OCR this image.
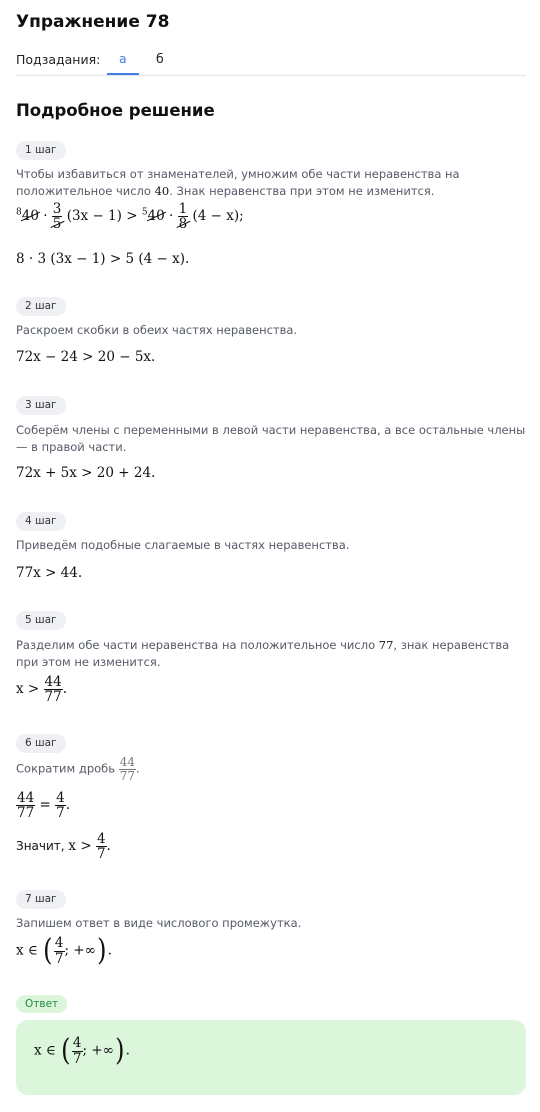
Упражнение 78
Подзадания: а б
Подробное решение
1 шаг
Чтобы избавиться от знаменателей, умножим обе части неравенства на положительное число 40. Знак неравенства при этом не изменится.
$^840 \cdot \frac{3}{5} (3x - 1) > ^540 \cdot \frac{1}{8} (4 - x)$;
8 · 3 (3x − 1) > 5 (4 − x).
2 шаг
Раскроем скобки в обеих частях неравенства.
72x − 24 > 20 − 5x.
3 шаг
Соберём члены с переменными в левой части неравенства, а все остальные члены — в правой части.
72x + 5x > 20 + 24.
4 шаг
Приведём подобные слагаемые в частях неравенства.
77x > 44.
5 шаг
Разделим обе части неравенства на положительное число 77, знак неравенства при этом не изменится.
$x > \frac{44}{77}$ .
6 шаг
Сократим дробь $\frac{44}{77}$ .
$\frac{44}{77} = \frac{4}{7}$ .
Значит, $x > \frac{4}{7}$ .
7 шаг
Запишем ответ в виде числового промежутка.
x ∈ ( $\frac{4}{7}$ ; +∞).
Ответ
x ∈ ( $\frac{4}{7}$ ; +∞).
